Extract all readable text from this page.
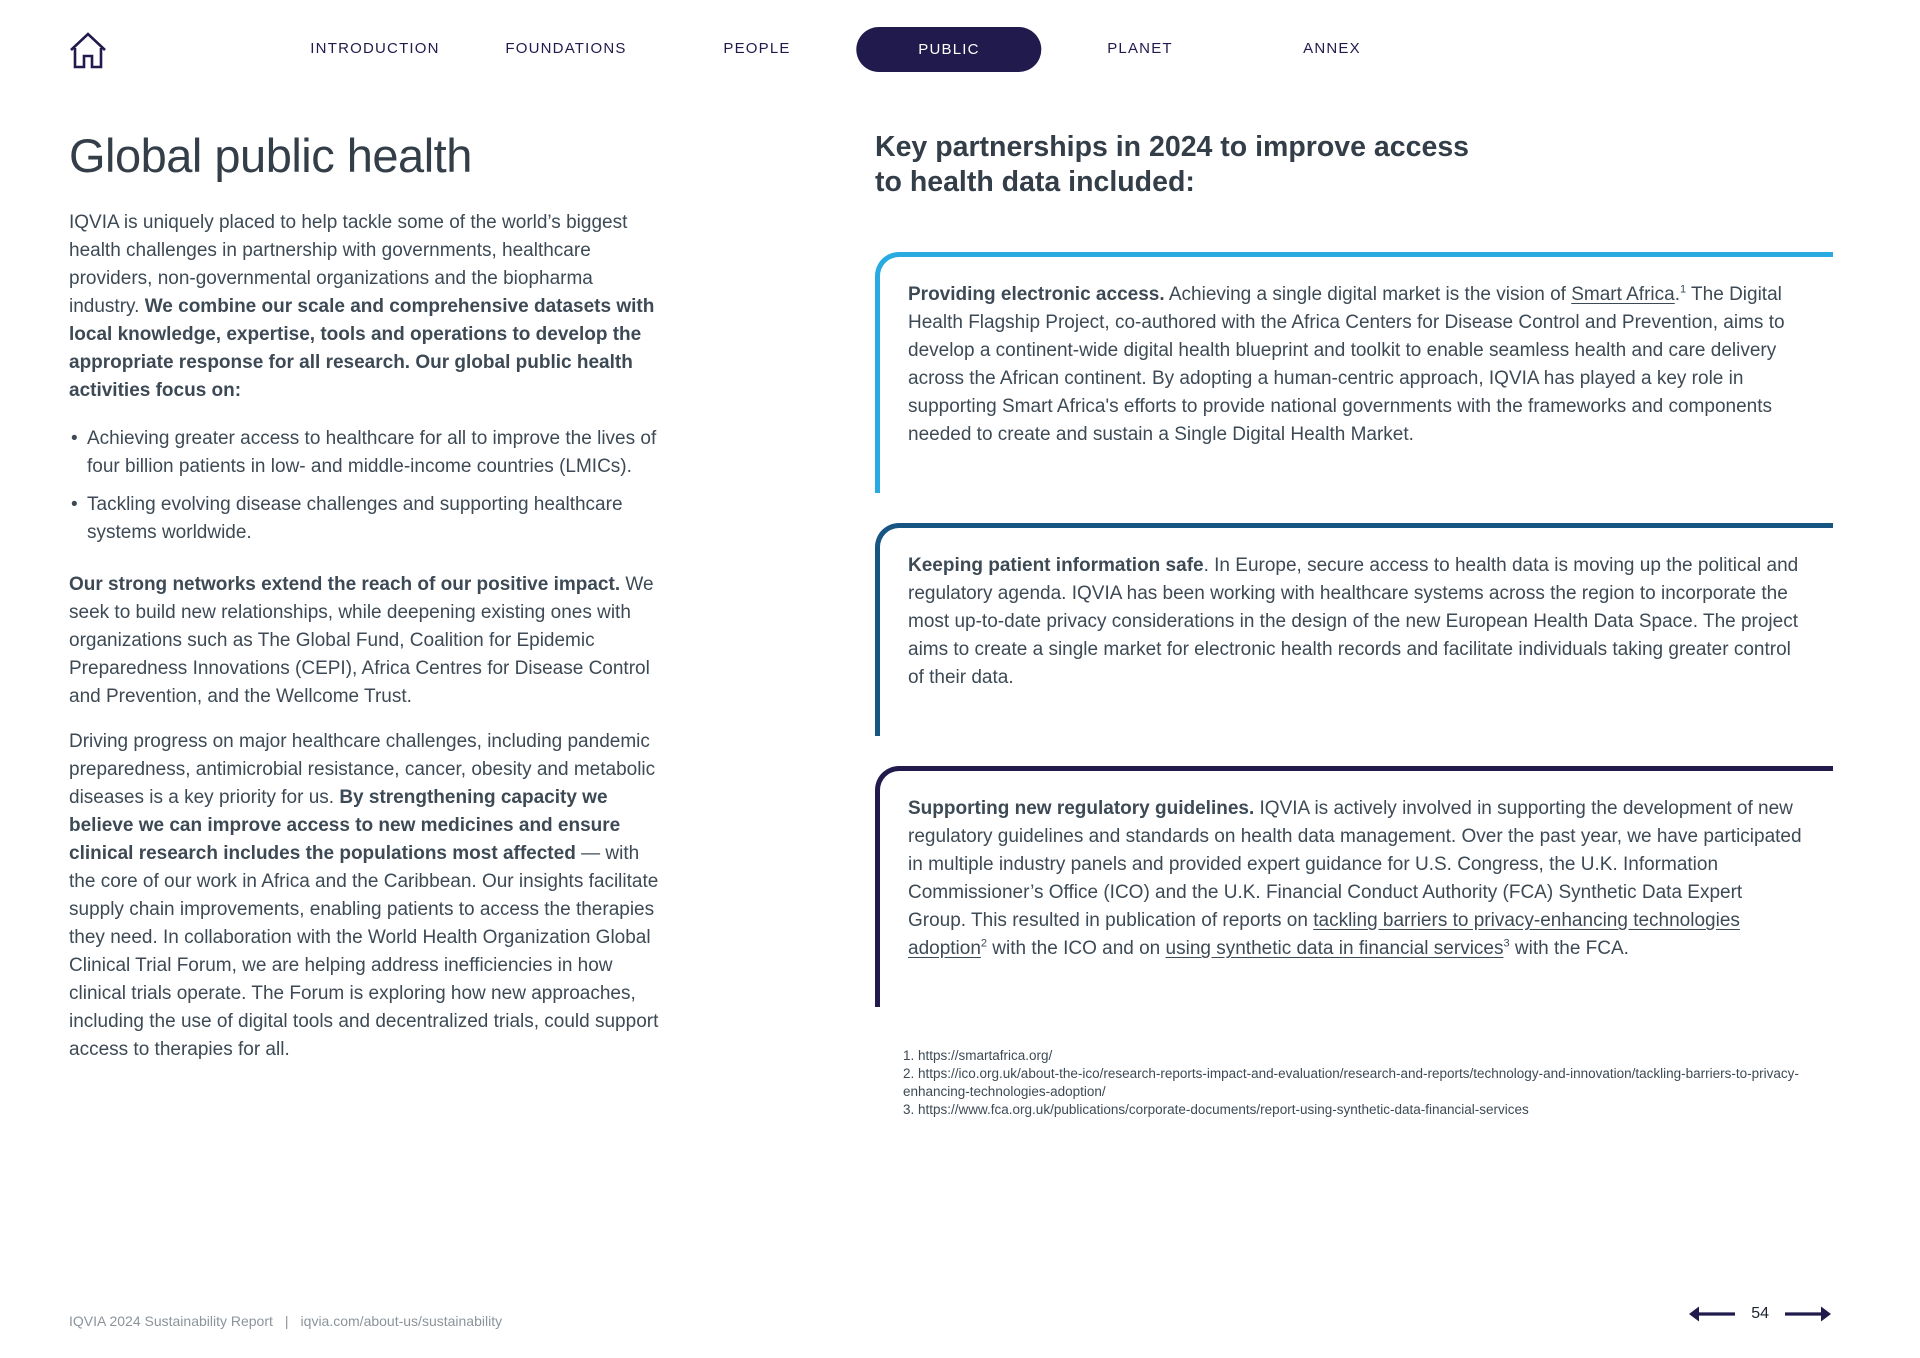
INTRODUCTION	FOUNDATIONS	PEOPLE	PUBLIC	PLANET	ANNEX
Global public health

IQVIA is uniquely placed to help tackle some of the world’s biggest health challenges in partnership with governments, healthcare providers, non-governmental organizations and the biopharma industry. We combine our scale and comprehensive datasets with local knowledge, expertise, tools and operations to develop the appropriate response for all research. Our global public health activities focus on:

• Achieving greater access to healthcare for all to improve the lives of four billion patients in low- and middle-income countries (LMICs).
• Tackling evolving disease challenges and supporting healthcare systems worldwide.

Our strong networks extend the reach of our positive impact. We seek to build new relationships, while deepening existing ones with organizations such as The Global Fund, Coalition for Epidemic Preparedness Innovations (CEPI), Africa Centres for Disease Control and Prevention, and the Wellcome Trust.

Driving progress on major healthcare challenges, including pandemic preparedness, antimicrobial resistance, cancer, obesity and metabolic diseases is a key priority for us. By strengthening capacity we believe we can improve access to new medicines and ensure clinical research includes the populations most affected — with the core of our work in Africa and the Caribbean. Our insights facilitate supply chain improvements, enabling patients to access the therapies they need. In collaboration with the World Health Organization Global Clinical Trial Forum, we are helping address inefficiencies in how clinical trials operate. The Forum is exploring how new approaches, including the use of digital tools and decentralized trials, could support access to therapies for all.

Key partnerships in 2024 to improve access
to health data included:

Providing electronic access. Achieving a single digital market is the vision of Smart Africa.$^1$ The Digital Health Flagship Project, co-authored with the Africa Centers for Disease Control and Prevention, aims to develop a continent-wide digital health blueprint and toolkit to enable seamless health and care delivery across the African continent. By adopting a human-centric approach, IQVIA has played a key role in supporting Smart Africa's efforts to provide national governments with the frameworks and components needed to create and sustain a Single Digital Health Market.

Keeping patient information safe. In Europe, secure access to health data is moving up the political and regulatory agenda. IQVIA has been working with healthcare systems across the region to incorporate the most up-to-date privacy considerations in the design of the new European Health Data Space. The project aims to create a single market for electronic health records and facilitate individuals taking greater control of their data.

Supporting new regulatory guidelines. IQVIA is actively involved in supporting the development of new regulatory guidelines and standards on health data management. Over the past year, we have participated in multiple industry panels and provided expert guidance for U.S. Congress, the U.K. Information Commissioner’s Office (ICO) and the U.K. Financial Conduct Authority (FCA) Synthetic Data Expert Group. This resulted in publication of reports on tackling barriers to privacy-enhancing technologies adoption$^2$ with the ICO and on using synthetic data in financial services$^3$ with the FCA.

1. https://smartafrica.org/
2. https://ico.org.uk/about-the-ico/research-reports-impact-and-evaluation/research-and-reports/technology-and-innovation/tackling-barriers-to-privacy-enhancing-technologies-adoption/
3. https://www.fca.org.uk/publications/corporate-documents/report-using-synthetic-data-financial-services
IQVIA 2024 Sustainability Report | iqvia.com/about-us/sustainability	54
